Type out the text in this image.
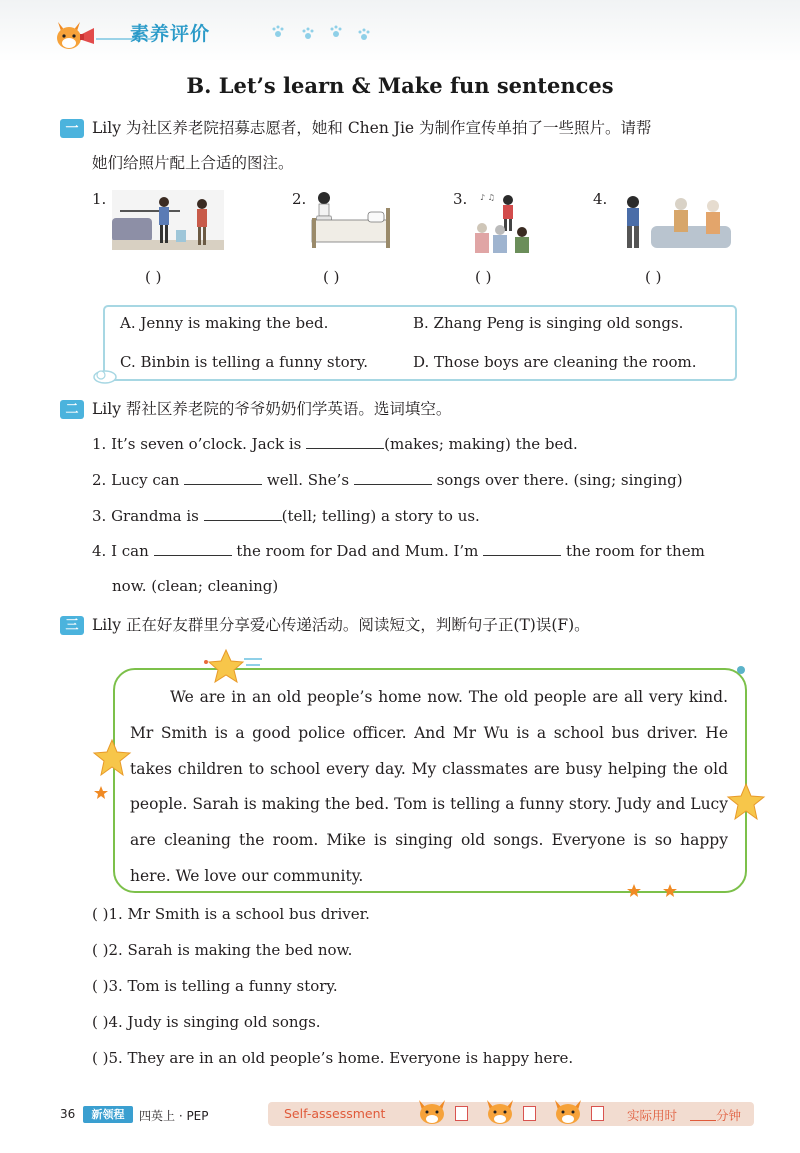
素养评价
B. Let’s learn & Make fun sentences
一 Lily 为社区养老院招募志愿者，她和 Chen Jie 为制作宣传单拍了一些照片。请帮
她们给照片配上合适的图注。
1.
( )
2.
( )
3. ♪ ♫
( )
4.
( )
A. Jenny is making the bed.	B. Zhang Peng is singing old songs.
C. Binbin is telling a funny story.	D. Those boys are cleaning the room.
二 Lily 帮社区养老院的爷爷奶奶们学英语。选词填空。
1. It’s seven o’clock. Jack is	(makes; making) the bed.
2. Lucy can	well. She’s	songs over there. (sing; singing)
3. Grandma is	(tell; telling) a story to us.
4. I can	the room for Dad and Mum. I’m	the room for them
now. (clean; cleaning)
三 Lily 正在好友群里分享爱心传递活动。阅读短文，判断句子正(T)误(F)。
We are in an old people’s home now. The old people are all very kind. Mr Smith is a good police officer. And Mr Wu is a school bus driver. He takes children to school every day. My classmates are busy helping the old people. Sarah is making the bed. Tom is telling a funny story. Judy and Lucy are cleaning the room. Mike is singing old songs. Everyone is so happy here. We love our community.
( )1. Mr Smith is a school bus driver.
( )2. Sarah is making the bed now.
( )3. Tom is telling a funny story.
( )4. Judy is singing old songs.
( )5. They are in an old people’s home. Everyone is happy here.
36	新领程	四英上 · PEP	Self-assessment	实际用时	分钟
